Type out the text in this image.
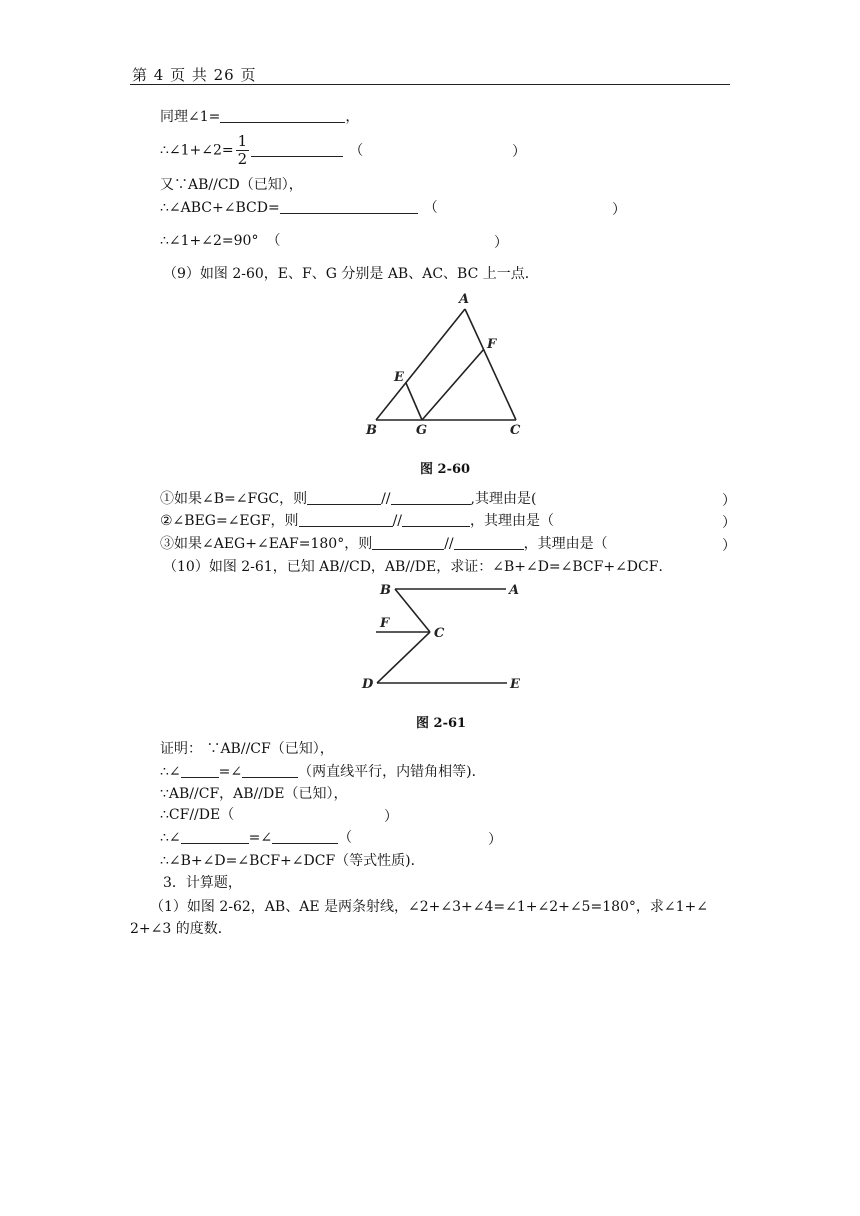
第 4 页 共 26 页
同理∠1=	，
∴∠1+∠2= $\frac{1}{2}$	（	）
又∵AB//CD（已知），
∴∠ABC+∠BCD=	（	）
∴∠1+∠2=90° （	）
（9）如图 2-60，E、F、G 分别是 AB、AC、BC 上一点．
A
B	C
E
F
G
图 2-60
①如果∠B=∠FGC，则	//	,其理由是(	）
②∠BEG=∠EGF，则	//	，其理由是（	）
③如果∠AEG+∠EAF=180°，则	//	，其理由是（	）
（10）如图 2-61，已知 AB//CD，AB//DE，求证：∠B+∠D=∠BCF+∠DCF．
B	A
F
C
D	E
图 2-61
证明： ∵AB//CF（已知），
∴∠	=∠	（两直线平行，内错角相等)．
∵AB//CF，AB//DE（已知），
∴CF//DE（	）
∴∠	=∠	（	）
∴∠B+∠D=∠BCF+∠DCF（等式性质)．
3．计算题，
（1）如图 2-62，AB、AE 是两条射线，∠2+∠3+∠4=∠1+∠2+∠5=180°，求∠1+∠
2+∠3 的度数．
